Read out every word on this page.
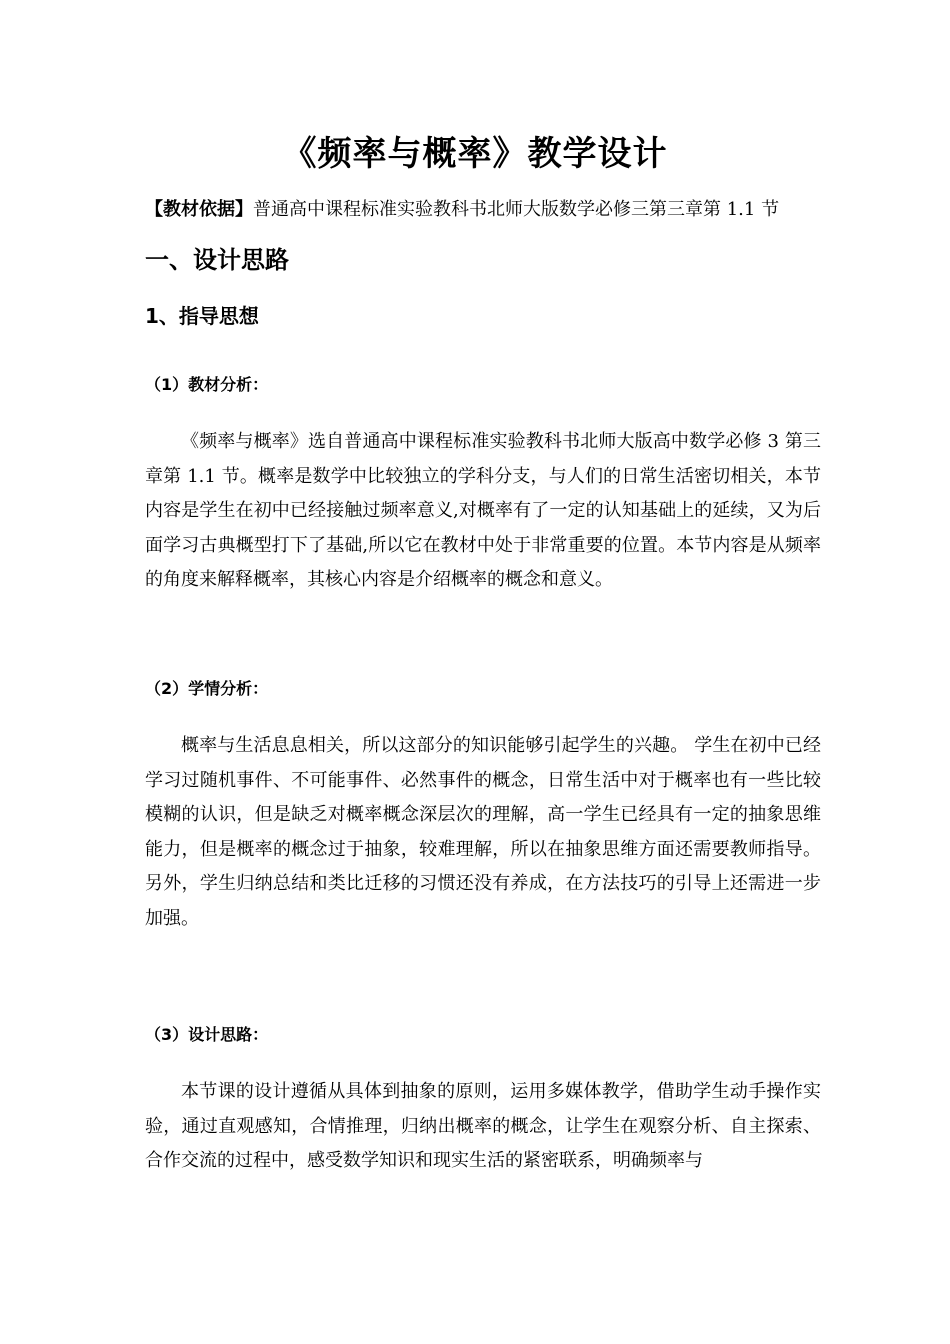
《频率与概率》教学设计
【教材依据】普通高中课程标准实验教科书北师大版数学必修三第三章第 1.1 节
一、设计思路
1、指导思想
（1）教材分析：

《频率与概率》选自普通高中课程标准实验教科书北师大版高中数学必修 3 第三章第 1.1 节。概率是数学中比较独立的学科分支，与人们的日常生活密切相关，本节内容是学生在初中已经接触过频率意义,对概率有了一定的认知基础上的延续，又为后面学习古典概型打下了基础,所以它在教材中处于非常重要的位置。本节内容是从频率的角度来解释概率，其核心内容是介绍概率的概念和意义。

（2）学情分析：

概率与生活息息相关，所以这部分的知识能够引起学生的兴趣。 学生在初中已经学习过随机事件、不可能事件、必然事件的概念，日常生活中对于概率也有一些比较模糊的认识，但是缺乏对概率概念深层次的理解，高一学生已经具有一定的抽象思维能力，但是概率的概念过于抽象，较难理解，所以在抽象思维方面还需要教师指导。另外，学生归纳总结和类比迁移的习惯还没有养成，在方法技巧的引导上还需进一步加强。

（3）设计思路：

本节课的设计遵循从具体到抽象的原则，运用多媒体教学，借助学生动手操作实验，通过直观感知，合情推理，归纳出概率的概念，让学生在观察分析、自主探索、合作交流的过程中，感受数学知识和现实生活的紧密联系，明确频率与
